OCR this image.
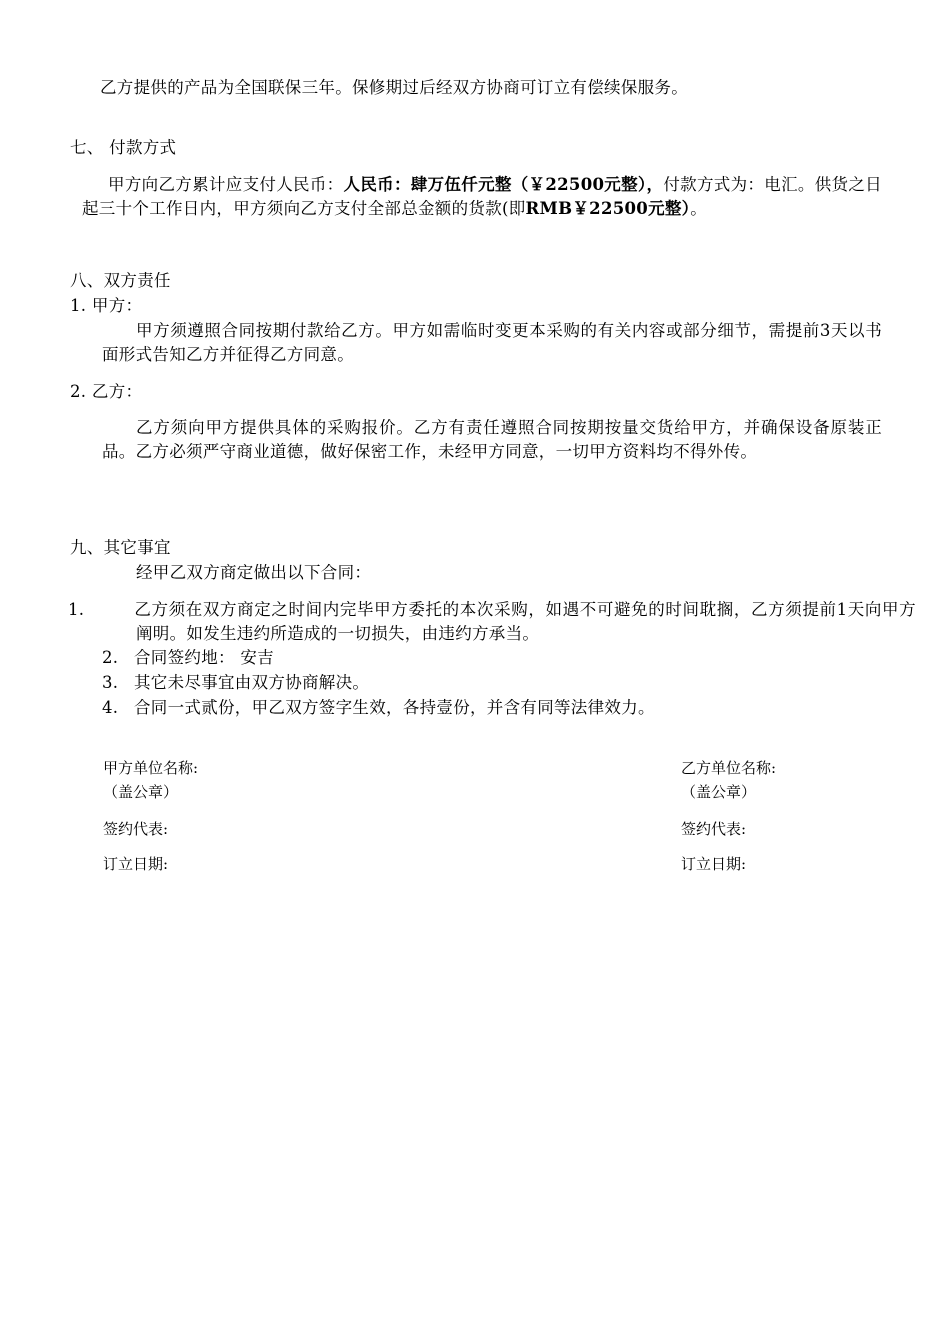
乙方提供的产品为全国联保三年。保修期过后经双方协商可订立有偿续保服务。
七、 付款方式
甲方向乙方累计应支付人民币：人民币：肆万伍仟元整（￥22500元整），付款方式为：电汇。供货之日起三十个工作日内，甲方须向乙方支付全部总金额的货款(即RMB￥22500元整）。
八、双方责任
1. 甲方：
甲方须遵照合同按期付款给乙方。甲方如需临时变更本采购的有关内容或部分细节，需提前3天以书面形式告知乙方并征得乙方同意。
2. 乙方：
乙方须向甲方提供具体的采购报价。乙方有责任遵照合同按期按量交货给甲方，并确保设备原装正品。乙方必须严守商业道德，做好保密工作，未经甲方同意，一切甲方资料均不得外传。
九、其它事宜
经甲乙双方商定做出以下合同：
1.	乙方须在双方商定之时间内完毕甲方委托的本次采购，如遇不可避免的时间耽搁，乙方须提前1天向甲方阐明。如发生违约所造成的一切损失，由违约方承当。
2. 合同签约地： 安吉
3. 其它未尽事宜由双方协商解决。
4. 合同一式贰份，甲乙双方签字生效，各持壹份，并含有同等法律效力。
甲方单位名称:
（盖公章）
签约代表:
订立日期:
乙方单位名称:
（盖公章）
签约代表:
订立日期:
